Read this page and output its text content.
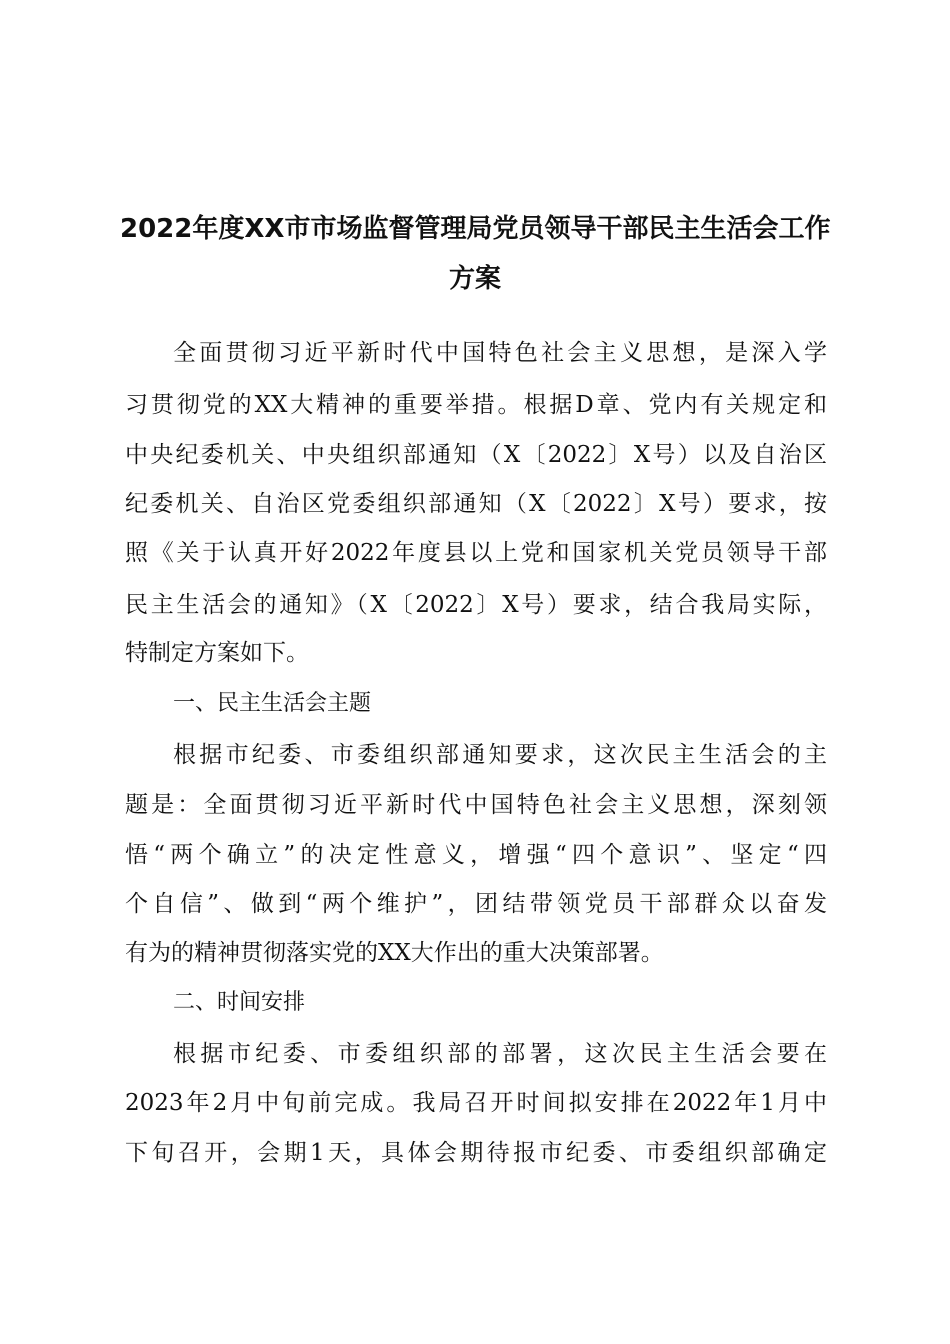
2022年度XX市市场监督管理局党员领导干部民主生活会工作
方案
全面贯彻习近平新时代中国特色社会主义思想，是深入学
习贯彻党的XX大精神的重要举措。根据D章、党内有关规定和
中央纪委机关、中央组织部通知（X〔2022〕X号）以及自治区
纪委机关、自治区党委组织部通知（X〔2022〕X号）要求，按
照《关于认真开好2022年度县以上党和国家机关党员领导干部
民主生活会的通知》（X〔2022〕X号）要求，结合我局实际，
特制定方案如下。
一、民主生活会主题
根据市纪委、市委组织部通知要求，这次民主生活会的主
题是：全面贯彻习近平新时代中国特色社会主义思想，深刻领
悟“两个确立”的决定性意义，增强“四个意识”、坚定“四
个自信”、做到“两个维护”，团结带领党员干部群众以奋发
有为的精神贯彻落实党的XX大作出的重大决策部署。
二、时间安排
根据市纪委、市委组织部的部署，这次民主生活会要在
2023年2月中旬前完成。我局召开时间拟安排在2022年1月中
下旬召开，会期1天，具体会期待报市纪委、市委组织部确定
